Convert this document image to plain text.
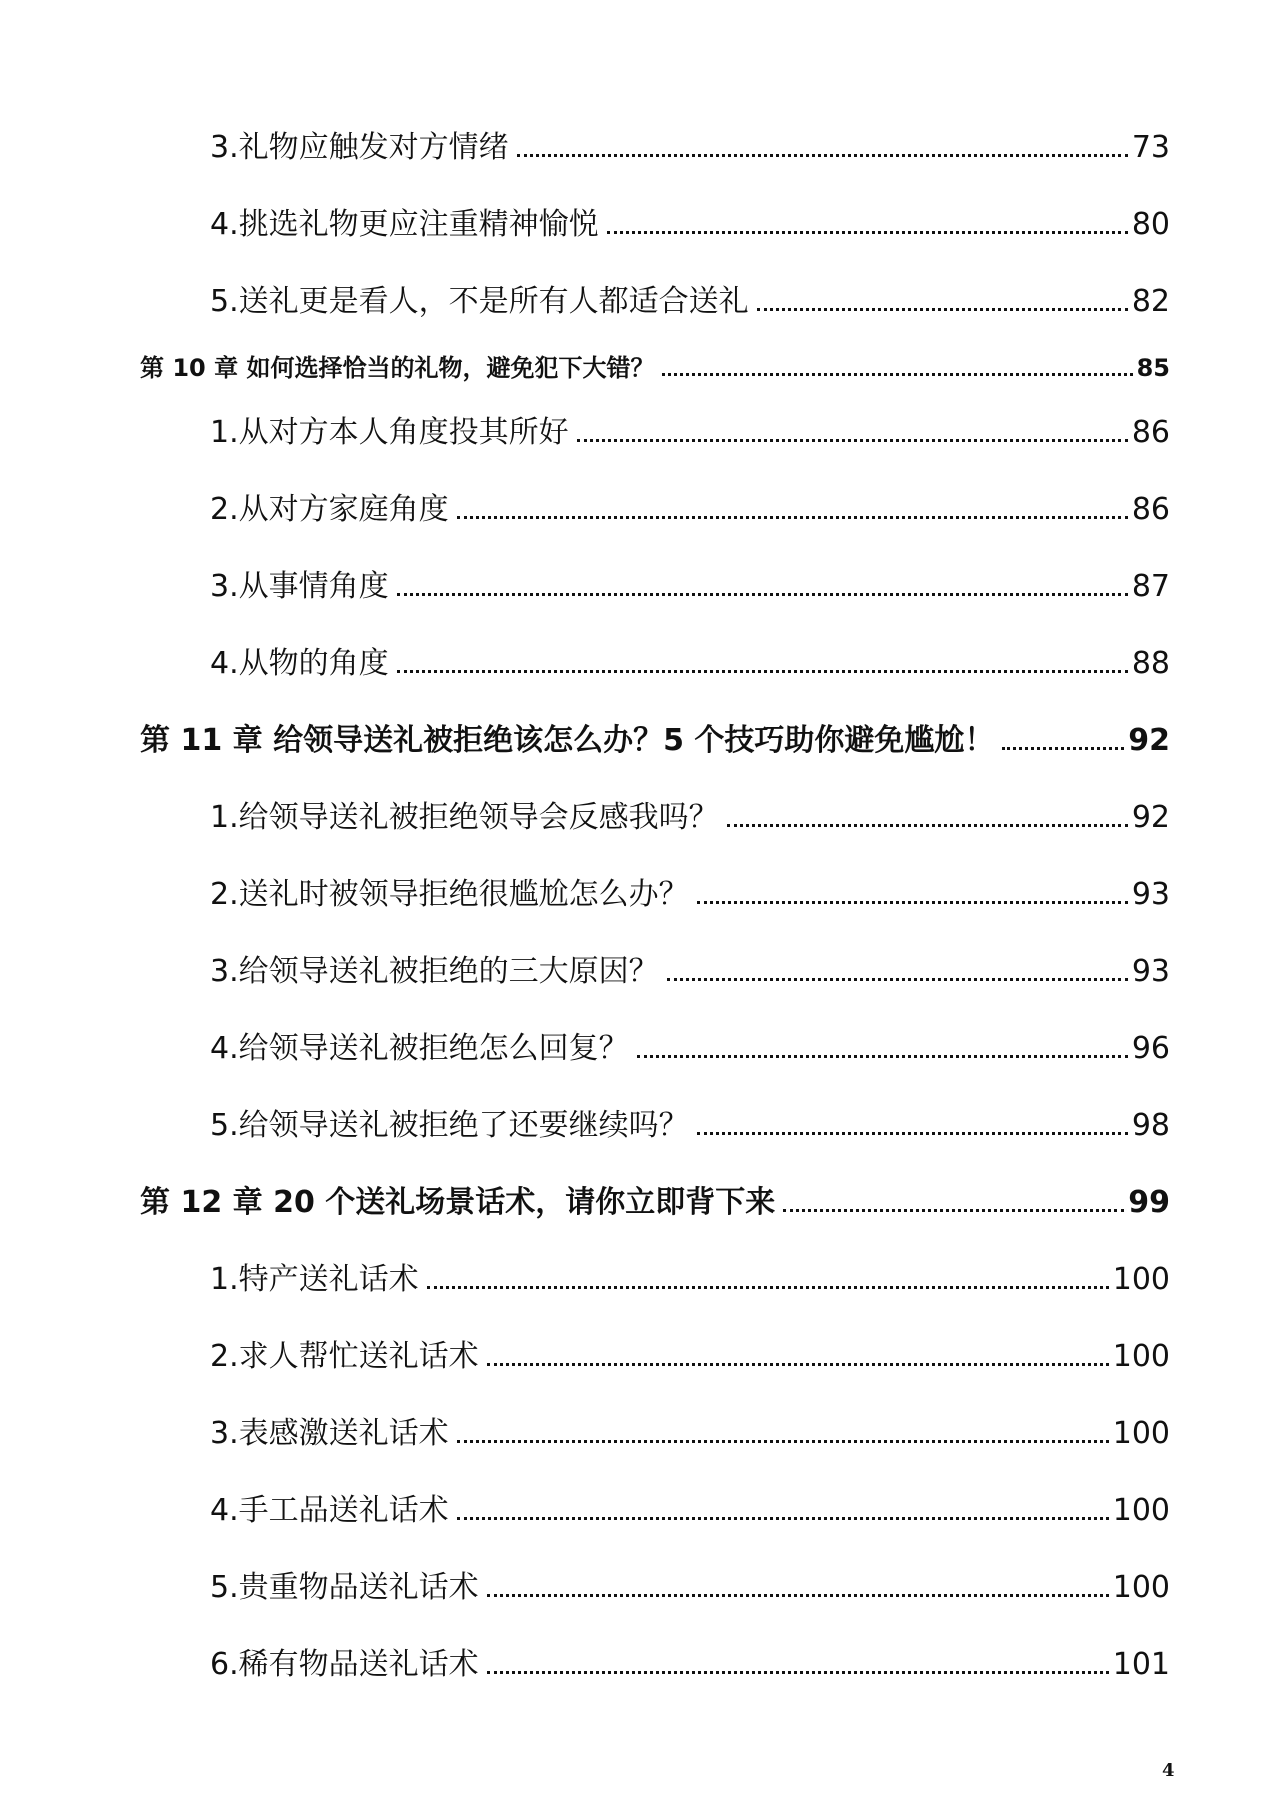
3.礼物应触发对方情绪	73
4.挑选礼物更应注重精神愉悦	80
5.送礼更是看人，不是所有人都适合送礼	82
第 10 章 如何选择恰当的礼物，避免犯下大错？	85
1.从对方本人角度投其所好	86
2.从对方家庭角度	86
3.从事情角度	87
4.从物的角度	88
第 11 章 给领导送礼被拒绝该怎么办？5 个技巧助你避免尴尬！	92
1.给领导送礼被拒绝领导会反感我吗？	92
2.送礼时被领导拒绝很尴尬怎么办？	93
3.给领导送礼被拒绝的三大原因？	93
4.给领导送礼被拒绝怎么回复？	96
5.给领导送礼被拒绝了还要继续吗？	98
第 12 章 20 个送礼场景话术，请你立即背下来	99
1.特产送礼话术	100
2.求人帮忙送礼话术	100
3.表感激送礼话术	100
4.手工品送礼话术	100
5.贵重物品送礼话术	100
6.稀有物品送礼话术	101
4
